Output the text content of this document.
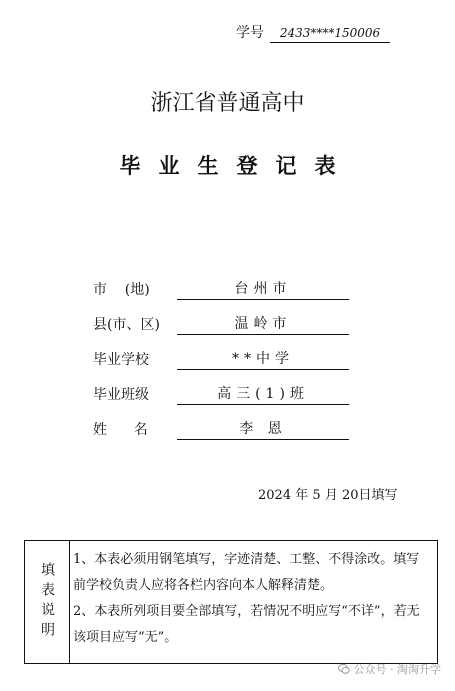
学号 2433****150006
浙江省普通高中
毕业生登记表
市    (地)	台州市
县(市、区)	温岭市
毕业学校	**中学
毕业班级	高三(1)班
姓      名	李 恩
2024 年 5 月 20日填写
填表说明

1、本表必须用钢笔填写，字迹清楚、工整、不得涂改。填写前学校负责人应将各栏内容向本人解释清楚。

2、本表所列项目要全部填写，若情况不明应写“不详”，若无该项目应写“无”。

公众号 · 淘淘升学
